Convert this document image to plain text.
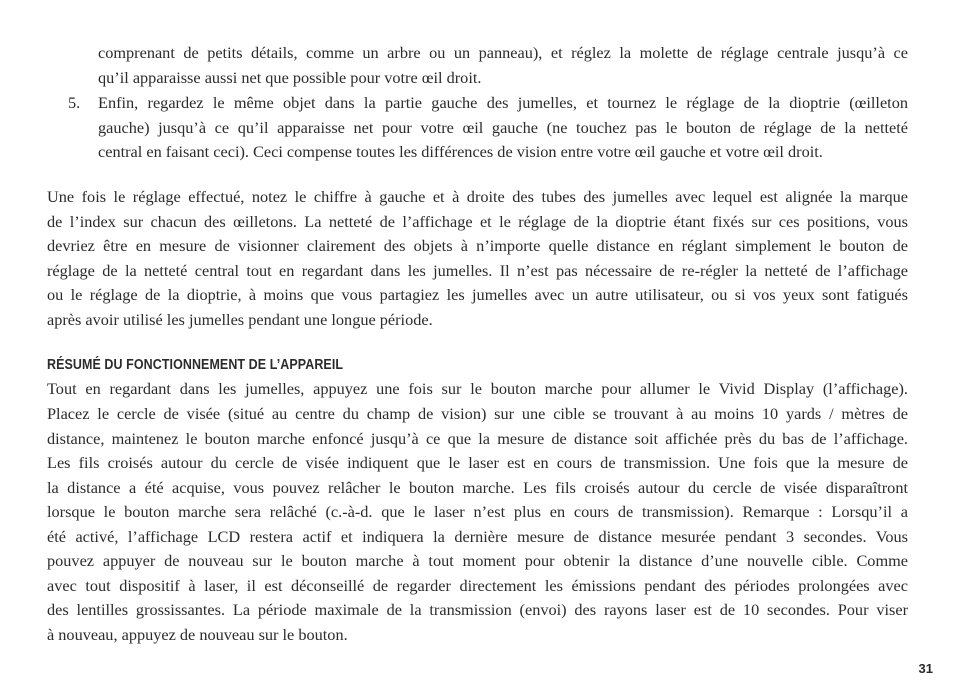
comprenant de petits détails, comme un arbre ou un panneau), et réglez la molette de réglage centrale jusqu’à ce
qu’il apparaisse aussi net que possible pour votre œil droit.
5. Enfin, regardez le même objet dans la partie gauche des jumelles, et tournez le réglage de la dioptrie (œilleton
gauche) jusqu’à ce qu’il apparaisse net pour votre œil gauche (ne touchez pas le bouton de réglage de la netteté
central en faisant ceci). Ceci compense toutes les différences de vision entre votre œil gauche et votre œil droit.
Une fois le réglage effectué, notez le chiffre à gauche et à droite des tubes des jumelles avec lequel est alignée la marque
de l’index sur chacun des œilletons. La netteté de l’affichage et le réglage de la dioptrie étant fixés sur ces positions, vous
devriez être en mesure de visionner clairement des objets à n’importe quelle distance en réglant simplement le bouton de
réglage de la netteté central tout en regardant dans les jumelles. Il n’est pas nécessaire de re-régler la netteté de l’affichage
ou le réglage de la dioptrie, à moins que vous partagiez les jumelles avec un autre utilisateur, ou si vos yeux sont fatigués
après avoir utilisé les jumelles pendant une longue période.
RÉSUMÉ DU FONCTIONNEMENT DE L’APPAREIL
Tout en regardant dans les jumelles, appuyez une fois sur le bouton marche pour allumer le Vivid Display (l’affichage).
Placez le cercle de visée (situé au centre du champ de vision) sur une cible se trouvant à au moins 10 yards / mètres de
distance, maintenez le bouton marche enfoncé jusqu’à ce que la mesure de distance soit affichée près du bas de l’affichage.
Les fils croisés autour du cercle de visée indiquent que le laser est en cours de transmission. Une fois que la mesure de
la distance a été acquise, vous pouvez relâcher le bouton marche. Les fils croisés autour du cercle de visée disparaîtront
lorsque le bouton marche sera relâché (c.-à-d. que le laser n’est plus en cours de transmission). Remarque : Lorsqu’il a
été activé, l’affichage LCD restera actif et indiquera la dernière mesure de distance mesurée pendant 3 secondes. Vous
pouvez appuyer de nouveau sur le bouton marche à tout moment pour obtenir la distance d’une nouvelle cible. Comme
avec tout dispositif à laser, il est déconseillé de regarder directement les émissions pendant des périodes prolongées avec
des lentilles grossissantes. La période maximale de la transmission (envoi) des rayons laser est de 10 secondes. Pour viser
à nouveau, appuyez de nouveau sur le bouton.
31
